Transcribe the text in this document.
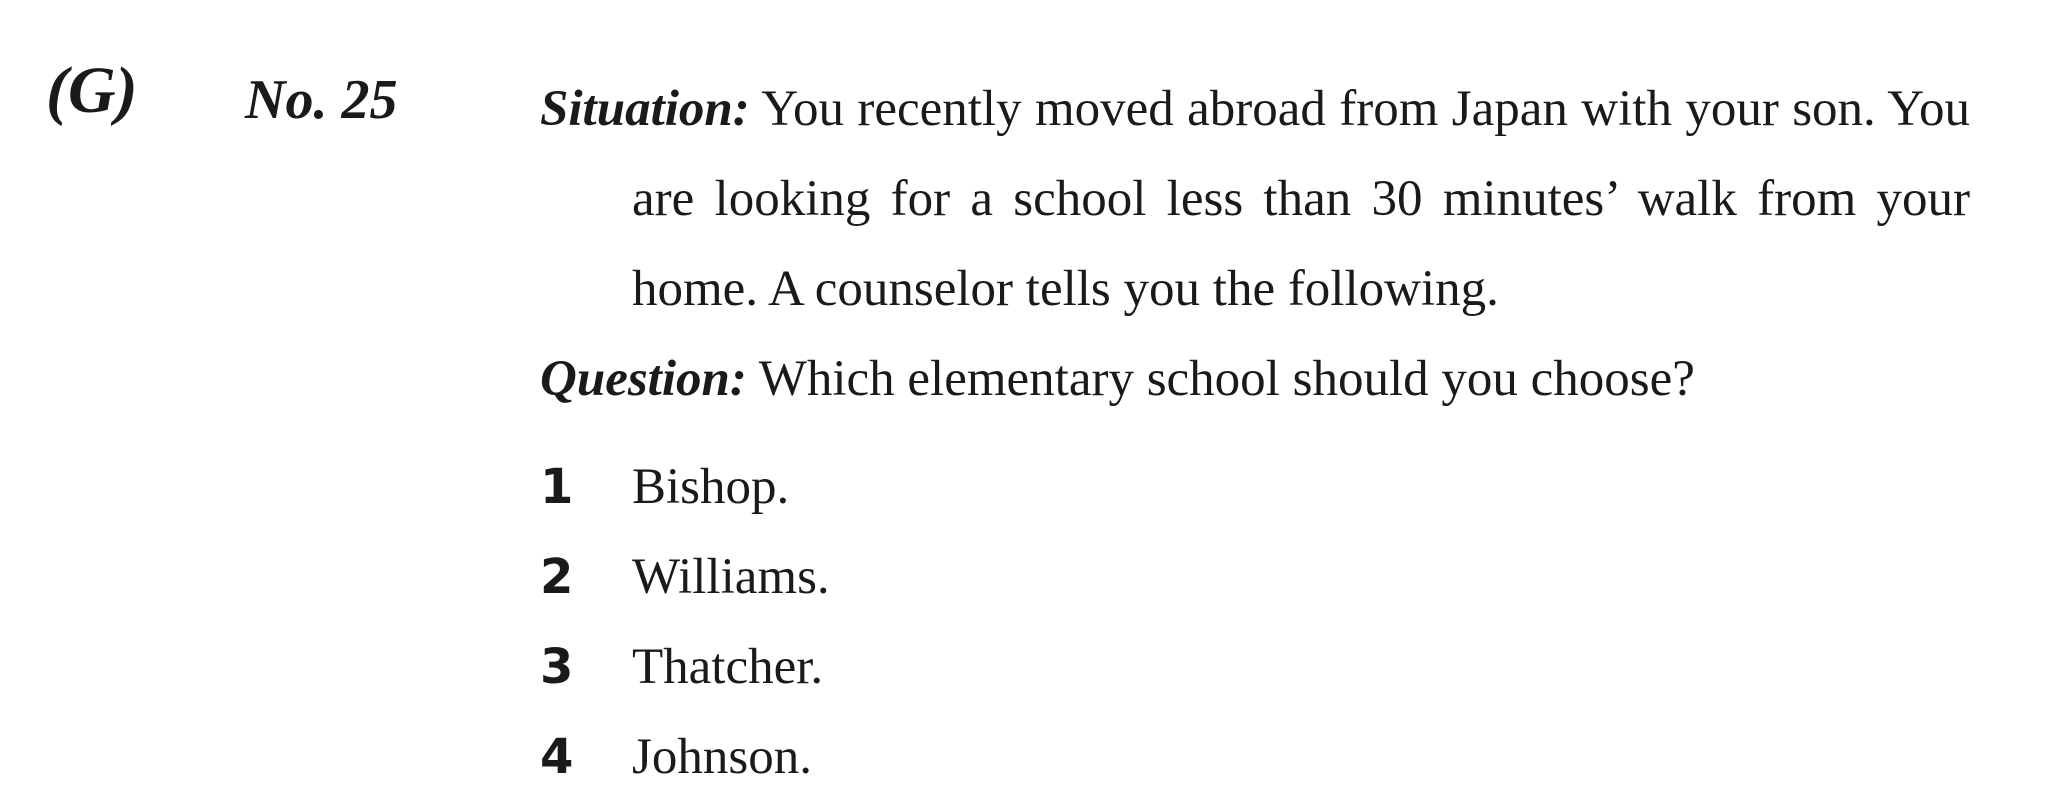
(G) No. 25	Situation: You recently moved abroad from Japan with your son. You are looking for a school less than 30 minutes’ walk from your home. A counselor tells you the following.

Question: Which elementary school should you choose?

1	Bishop.
2	Williams.
3	Thatcher.
4	Johnson.
